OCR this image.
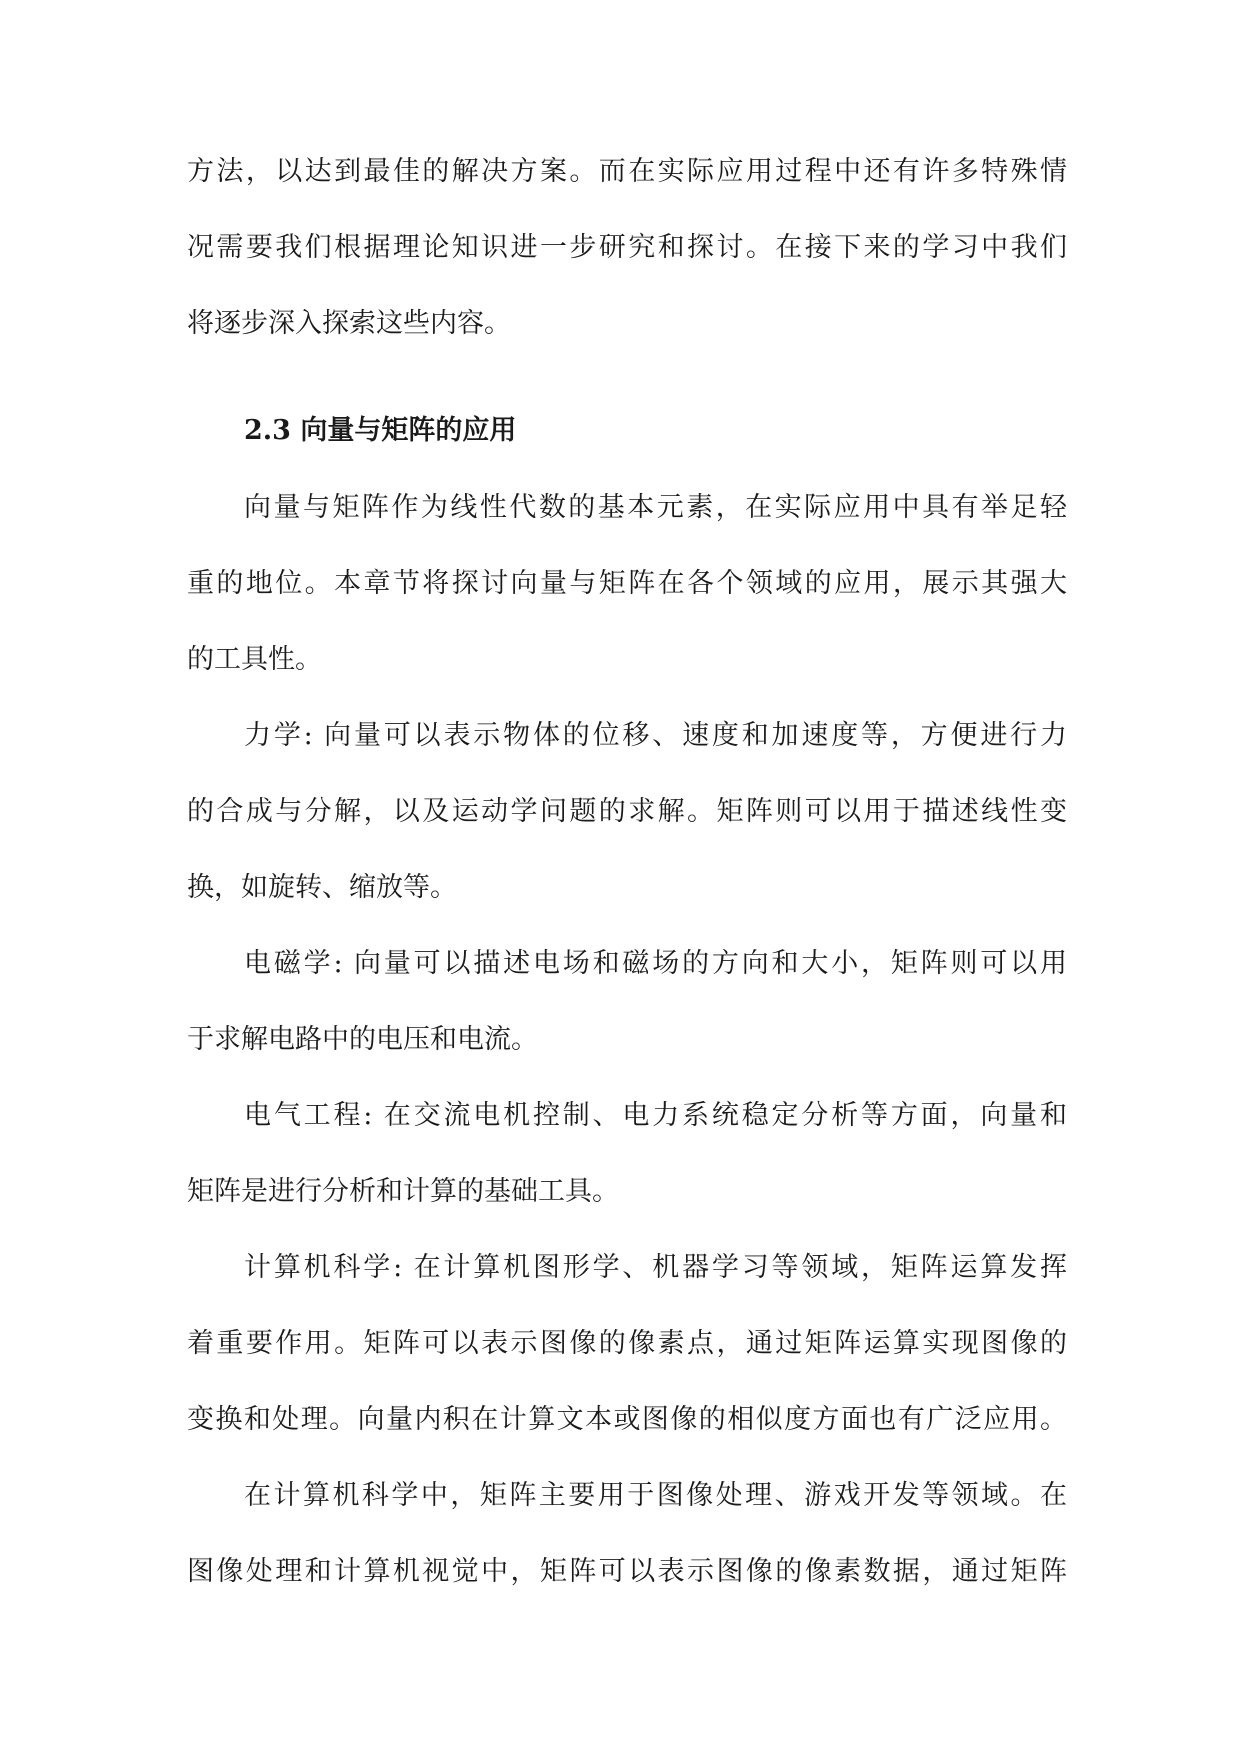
方法，以达到最佳的解决方案。而在实际应用过程中还有许多特殊情
况需要我们根据理论知识进一步研究和探讨。在接下来的学习中我们
将逐步深入探索这些内容。
2.3 向量与矩阵的应用
向量与矩阵作为线性代数的基本元素，在实际应用中具有举足轻
重的地位。本章节将探讨向量与矩阵在各个领域的应用，展示其强大
的工具性。
力学: 向量可以表示物体的位移、速度和加速度等，方便进行力
的合成与分解，以及运动学问题的求解。矩阵则可以用于描述线性变
换，如旋转、缩放等。
电磁学: 向量可以描述电场和磁场的方向和大小，矩阵则可以用
于求解电路中的电压和电流。
电气工程: 在交流电机控制、电力系统稳定分析等方面，向量和
矩阵是进行分析和计算的基础工具。
计算机科学: 在计算机图形学、机器学习等领域，矩阵运算发挥
着重要作用。矩阵可以表示图像的像素点，通过矩阵运算实现图像的
变换和处理。向量内积在计算文本或图像的相似度方面也有广泛应用。
在计算机科学中，矩阵主要用于图像处理、游戏开发等领域。在
图像处理和计算机视觉中，矩阵可以表示图像的像素数据，通过矩阵
